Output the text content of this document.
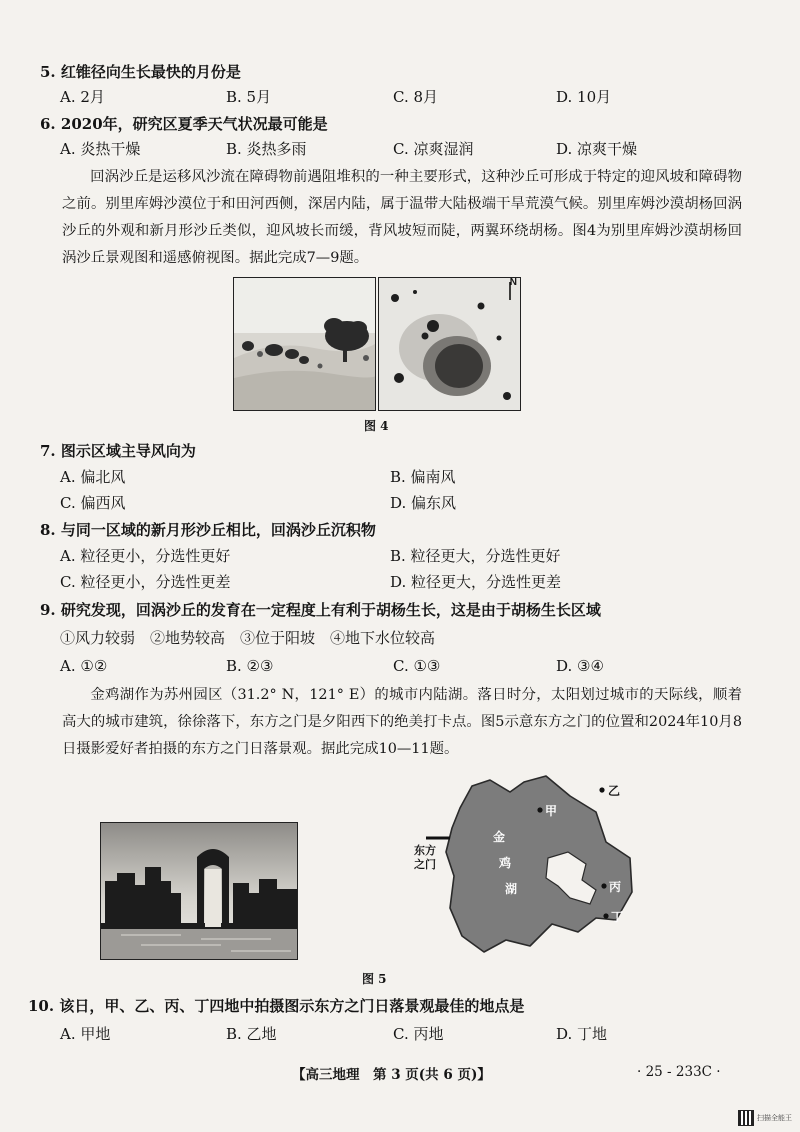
5. 红锥径向生长最快的月份是
A. 2月	B. 5月	C. 8月	D. 10月
6. 2020年，研究区夏季天气状况最可能是
A. 炎热干燥	B. 炎热多雨	C. 凉爽湿润	D. 凉爽干燥
回涡沙丘是运移风沙流在障碍物前遇阻堆积的一种主要形式，这种沙丘可形成于特定的迎风坡和障碍物之前。别里库姆沙漠位于和田河西侧，深居内陆，属于温带大陆极端干旱荒漠气候。别里库姆沙漠胡杨回涡沙丘的外观和新月形沙丘类似，迎风坡长而缓，背风坡短而陡，两翼环绕胡杨。图4为别里库姆沙漠胡杨回涡沙丘景观图和遥感俯视图。据此完成7—9题。
N
图 4
7. 图示区域主导风向为
A. 偏北风	B. 偏南风
C. 偏西风	D. 偏东风
8. 与同一区域的新月形沙丘相比，回涡沙丘沉积物
A. 粒径更小，分选性更好	B. 粒径更大，分选性更好
C. 粒径更小，分选性更差	D. 粒径更大，分选性更差
9. 研究发现，回涡沙丘的发育在一定程度上有利于胡杨生长，这是由于胡杨生长区域
①风力较弱　②地势较高　③位于阳坡　④地下水位较高
A. ①②	B. ②③	C. ①③	D. ③④
金鸡湖作为苏州园区（31.2° N，121° E）的城市内陆湖。落日时分，太阳划过城市的天际线，顺着高大的城市建筑，徐徐落下，东方之门是夕阳西下的绝美打卡点。图5示意东方之门的位置和2024年10月8日摄影爱好者拍摄的东方之门日落景观。据此完成10—11题。
金
鸡
湖
东方
之门
甲
乙
丙
丁
图 5
10. 该日，甲、乙、丙、丁四地中拍摄图示东方之门日落景观最佳的地点是
A. 甲地	B. 乙地	C. 丙地	D. 丁地
【高三地理　第 3 页(共 6 页)】	· 25 - 233C ·
扫描全能王
